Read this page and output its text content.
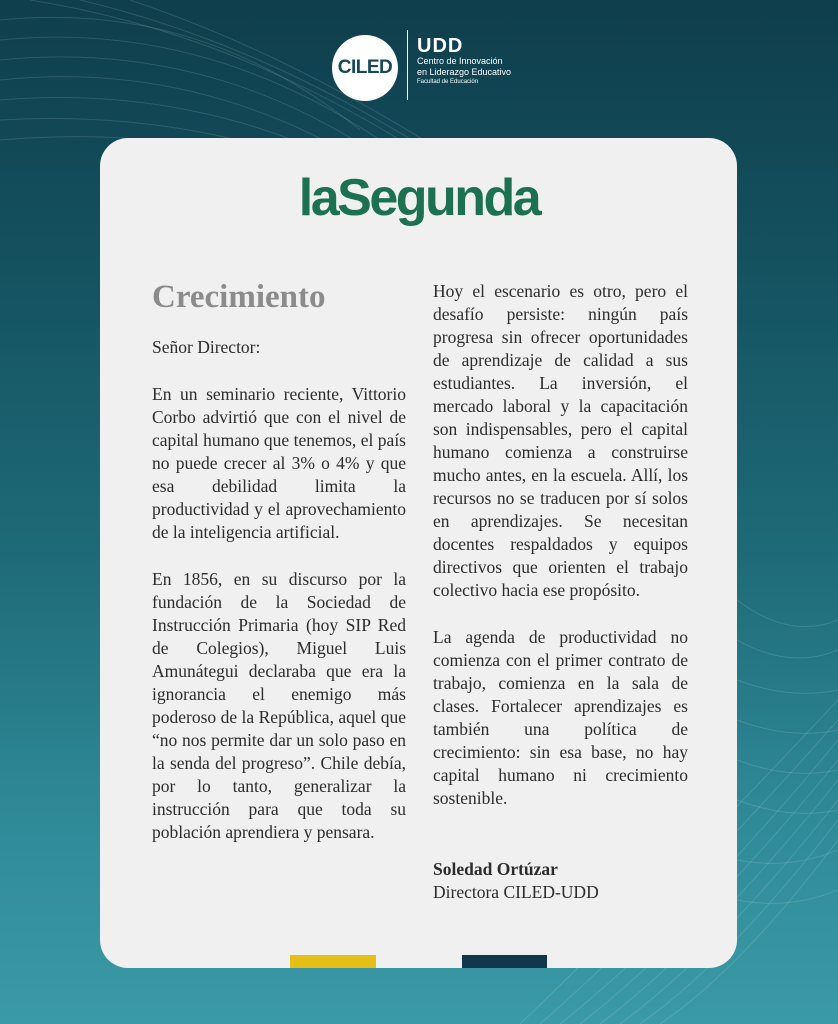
CILED
UDD
Centro de Innovación
en Liderazgo Educativo
Facultad de Educación
laSegunda
Crecimiento

Señor Director:

En un seminario reciente, Vittorio Corbo advirtió que con el nivel de capital humano que tenemos, el país no puede crecer al 3% o 4% y que esa debilidad limita la productividad y el aprovechamiento de la inteligencia artificial.

En 1856, en su discurso por la fundación de la Sociedad de Instrucción Primaria (hoy SIP Red de Colegios), Miguel Luis Amunátegui declaraba que era la ignorancia el enemigo más poderoso de la República, aquel que “no nos permite dar un solo paso en la senda del progreso”. Chile debía, por lo tanto, generalizar la instrucción para que toda su población aprendiera y pensara.

Hoy el escenario es otro, pero el desafío persiste: ningún país progresa sin ofrecer oportunidades de aprendizaje de calidad a sus estudiantes. La inversión, el mercado laboral y la capacitación son indispensables, pero el capital humano comienza a construirse mucho antes, en la escuela. Allí, los recursos no se traducen por sí solos en aprendizajes. Se necesitan docentes respaldados y equipos directivos que orienten el trabajo colectivo hacia ese propósito.

La agenda de productividad no comienza con el primer contrato de trabajo, comienza en la sala de clases. Fortalecer aprendizajes es también una política de crecimiento: sin esa base, no hay capital humano ni crecimiento sostenible.

Soledad Ortúzar
Directora CILED-UDD
